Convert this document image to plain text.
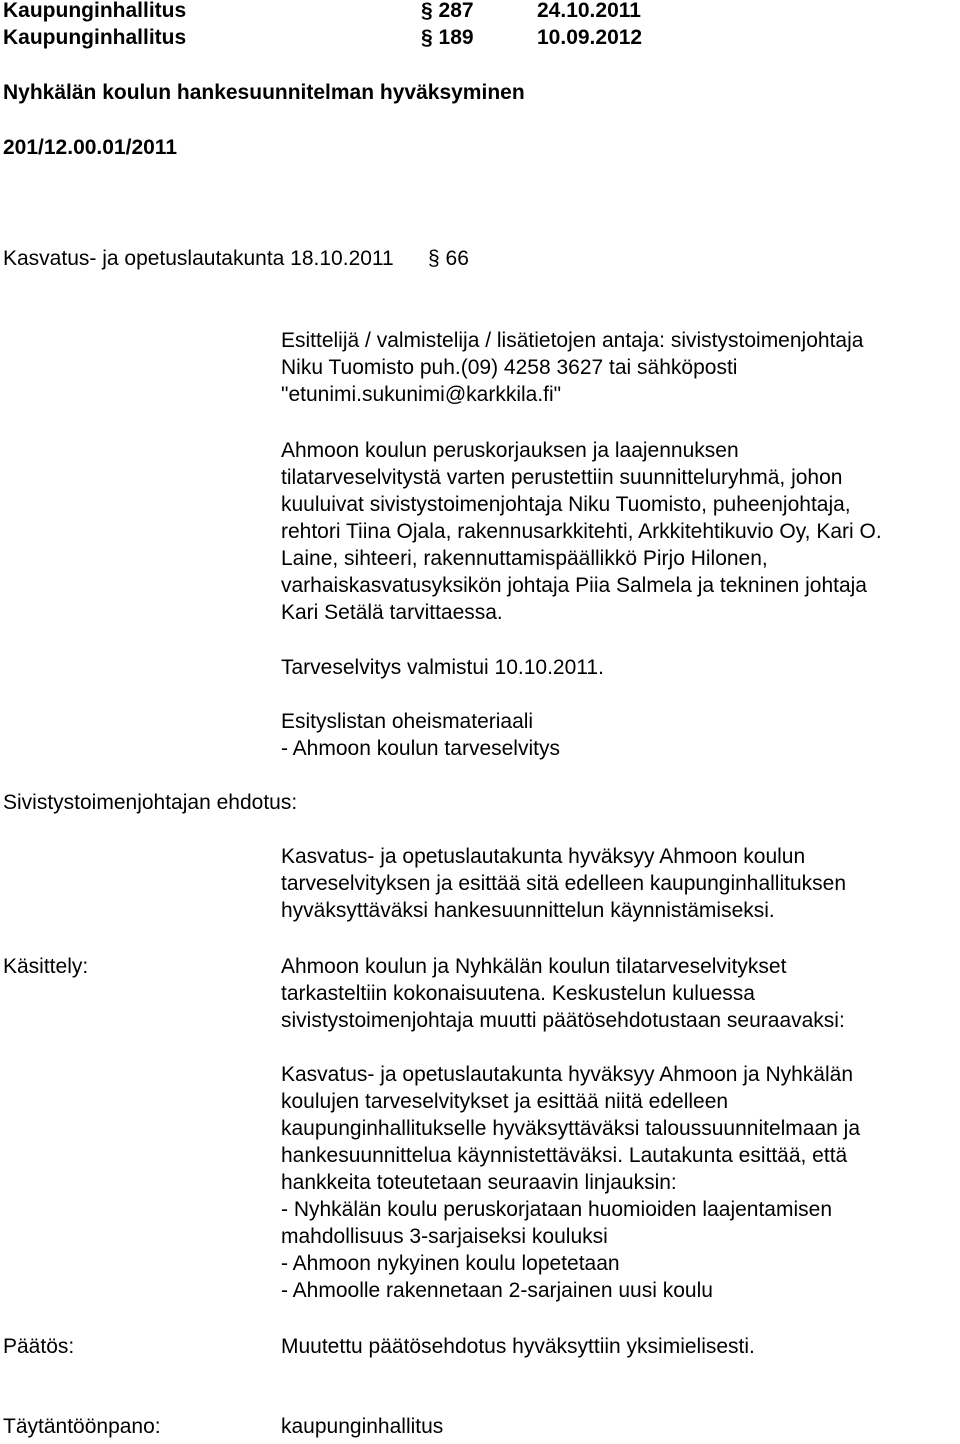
Kaupunginhallitus	§ 287	24.10.2011
Kaupunginhallitus	§ 189	10.09.2012
Nyhkälän koulun hankesuunnitelman hyväksyminen
201/12.00.01/2011
Kasvatus- ja opetuslautakunta 18.10.2011 § 66
Esittelijä / valmistelija / lisätietojen antaja: sivistystoimenjohtaja
Niku Tuomisto puh.(09) 4258 3627 tai sähköposti
"etunimi.sukunimi@karkkila.fi"
Ahmoon koulun peruskorjauksen ja laajennuksen
tilatarveselvitystä varten perustettiin suunnitteluryhmä, johon
kuuluivat sivistystoimenjohtaja Niku Tuomisto, puheenjohtaja,
rehtori Tiina Ojala, rakennusarkkitehti, Arkkitehtikuvio Oy, Kari O.
Laine, sihteeri, rakennuttamispäällikkö Pirjo Hilonen,
varhaiskasvatusyksikön johtaja Piia Salmela ja tekninen johtaja
Kari Setälä tarvittaessa.
Tarveselvitys valmistui 10.10.2011.
Esityslistan oheismateriaali
- Ahmoon koulun tarveselvitys
Sivistystoimenjohtajan ehdotus:
Kasvatus- ja opetuslautakunta hyväksyy Ahmoon koulun
tarveselvityksen ja esittää sitä edelleen kaupunginhallituksen
hyväksyttäväksi hankesuunnittelun käynnistämiseksi.
Käsittely:	Ahmoon koulun ja Nyhkälän koulun tilatarveselvitykset
tarkasteltiin kokonaisuutena. Keskustelun kuluessa
sivistystoimenjohtaja muutti päätösehdotustaan seuraavaksi:
Kasvatus- ja opetuslautakunta hyväksyy Ahmoon ja Nyhkälän
koulujen tarveselvitykset ja esittää niitä edelleen
kaupunginhallitukselle hyväksyttäväksi taloussuunnitelmaan ja
hankesuunnittelua käynnistettäväksi. Lautakunta esittää, että
hankkeita toteutetaan seuraavin linjauksin:
- Nyhkälän koulu peruskorjataan huomioiden laajentamisen
mahdollisuus 3-sarjaiseksi kouluksi
- Ahmoon nykyinen koulu lopetetaan
- Ahmoolle rakennetaan 2-sarjainen uusi koulu
Päätös:	Muutettu päätösehdotus hyväksyttiin yksimielisesti.
Täytäntöönpano:	kaupunginhallitus
